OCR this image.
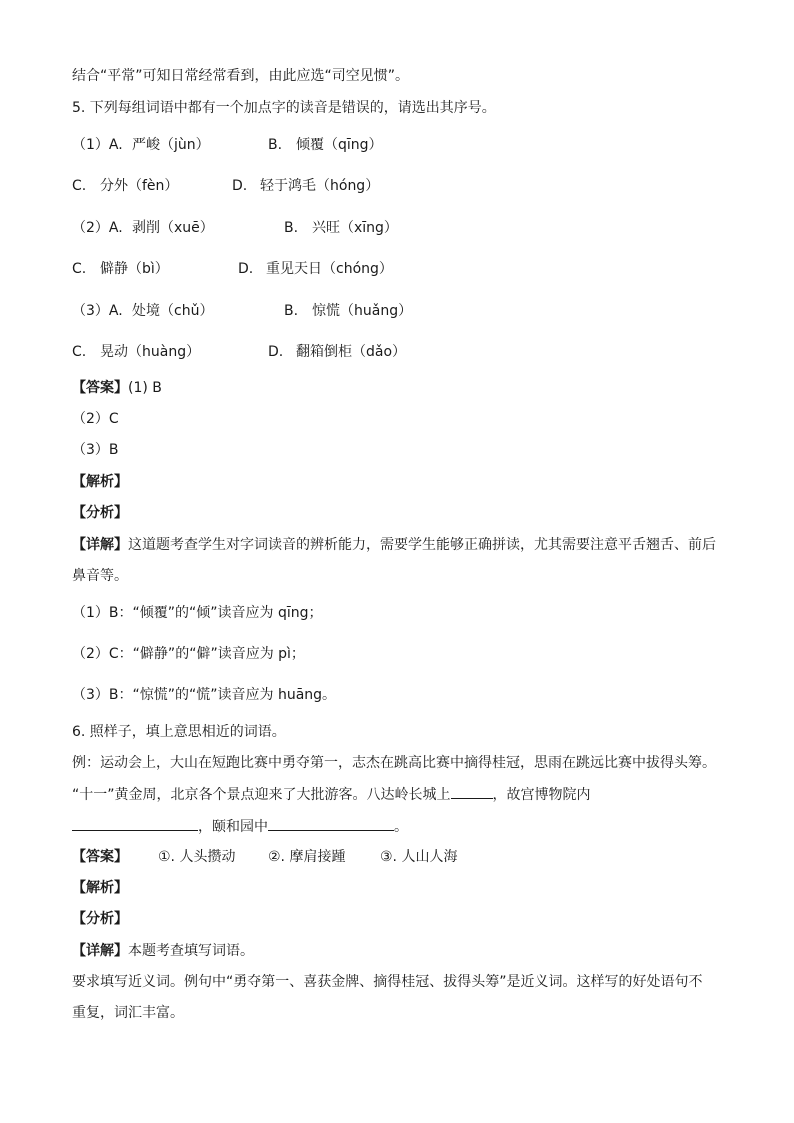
结合“平常”可知日常经常看到，由此应选“司空见惯”。
5. 下列每组词语中都有一个加点字的读音是错误的，请选出其序号。
（1）A. 严峻（jùn）	B. 倾覆（qīng）
C. 分外（fèn）	D. 轻于鸿毛（hóng）
（2）A. 剥削（xuē）	B. 兴旺（xīng）
C. 僻静（bì）	D. 重见天日（chóng）
（3）A. 处境（chǔ）	B. 惊慌（huǎng）
C. 晃动（huàng）	D. 翻箱倒柜（dǎo）
【答案】(1) B
（2）C
（3）B
【解析】
【分析】
【详解】这道题考查学生对字词读音的辨析能力，需要学生能够正确拼读，尤其需要注意平舌翘舌、前后
鼻音等。
（1）B：“倾覆”的“倾”读音应为 qīng；
（2）C：“僻静”的“僻”读音应为 pì；
（3）B：“惊慌”的“慌”读音应为 huāng。
6. 照样子，填上意思相近的词语。
例：运动会上，大山在短跑比赛中勇夺第一，志杰在跳高比赛中摘得桂冠，思雨在跳远比赛中拔得头筹。
“十一”黄金周，北京各个景点迎来了大批游客。八达岭长城上	，故宫博物院内
，颐和园中	。
【答案】 ①. 人头攒动 ②. 摩肩接踵 ③. 人山人海
【解析】
【分析】
【详解】本题考查填写词语。
要求填写近义词。例句中“勇夺第一、喜获金牌、摘得桂冠、拔得头筹”是近义词。这样写的好处语句不
重复，词汇丰富。
